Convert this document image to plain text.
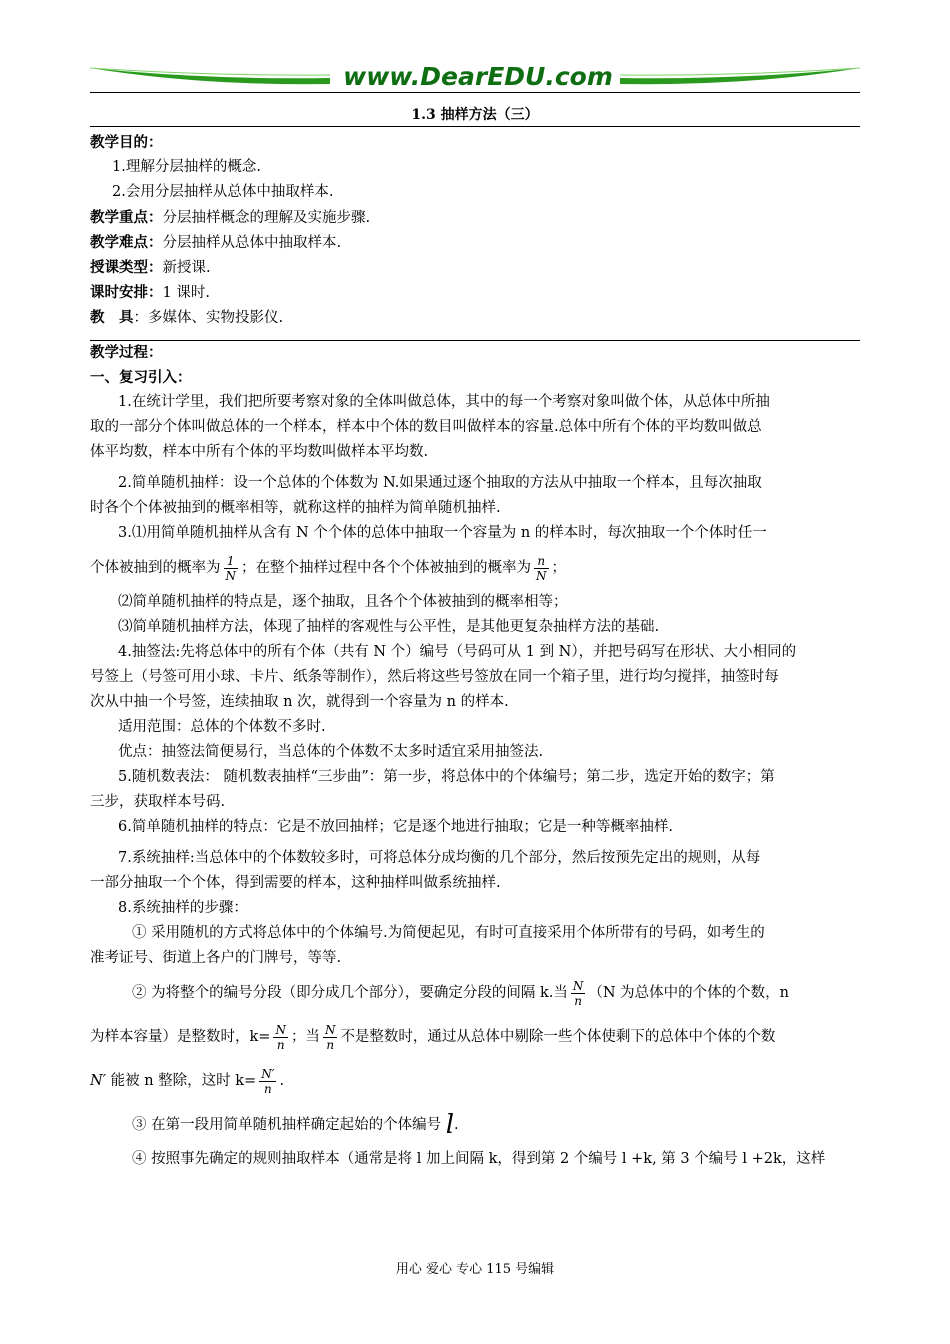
www.DearEDU.com
1.3 抽样方法（三）
教学目的：
1.理解分层抽样的概念.
2.会用分层抽样从总体中抽取样本.
教学重点：分层抽样概念的理解及实施步骤.
教学难点：分层抽样从总体中抽取样本.
授课类型：新授课.
课时安排：1 课时.
教　具：多媒体、实物投影仪.
教学过程：
一、复习引入：
1.在统计学里，我们把所要考察对象的全体叫做总体，其中的每一个考察对象叫做个体，从总体中所抽
取的一部分个体叫做总体的一个样本，样本中个体的数目叫做样本的容量.总体中所有个体的平均数叫做总
体平均数，样本中所有个体的平均数叫做样本平均数.
2.简单随机抽样：设一个总体的个体数为 N.如果通过逐个抽取的方法从中抽取一个样本，且每次抽取
时各个个体被抽到的概率相等，就称这样的抽样为简单随机抽样.
3.⑴用简单随机抽样从含有 N 个个体的总体中抽取一个容量为 n 的样本时，每次抽取一个个体时任一
个体被抽到的概率为 $\frac{1}{N}$ ；在整个抽样过程中各个个体被抽到的概率为 $\frac{n}{N}$ ；
⑵简单随机抽样的特点是，逐个抽取，且各个个体被抽到的概率相等；
⑶简单随机抽样方法，体现了抽样的客观性与公平性，是其他更复杂抽样方法的基础.
4.抽签法:先将总体中的所有个体（共有 N 个）编号（号码可从 1 到 N），并把号码写在形状、大小相同的
号签上（号签可用小球、卡片、纸条等制作），然后将这些号签放在同一个箱子里，进行均匀搅拌，抽签时每
次从中抽一个号签，连续抽取 n 次，就得到一个容量为 n 的样本.
适用范围：总体的个体数不多时.
优点：抽签法简便易行，当总体的个体数不太多时适宜采用抽签法.
5.随机数表法： 随机数表抽样“三步曲”：第一步，将总体中的个体编号；第二步，选定开始的数字；第
三步，获取样本号码.
6.简单随机抽样的特点：它是不放回抽样；它是逐个地进行抽取；它是一种等概率抽样.
7.系统抽样:当总体中的个体数较多时，可将总体分成均衡的几个部分，然后按预先定出的规则，从每
一部分抽取一个个体，得到需要的样本，这种抽样叫做系统抽样.
8.系统抽样的步骤：
① 采用随机的方式将总体中的个体编号.为简便起见，有时可直接采用个体所带有的号码，如考生的
准考证号、街道上各户的门牌号，等等.
② 为将整个的编号分段（即分成几个部分），要确定分段的间隔 k.当 $\frac{N}{n} (N$ 为总体中的个体的个数，n
为样本容量）是整数时，$k= \frac{N}{n}$ ；当 $\frac{N}{n}$ 不是整数时，通过从总体中剔除一些个体使剩下的总体中个体的个数
N′ 能被 n 整除，这时 $k= \frac{N'}{n}$ .
③ 在第一段用简单随机抽样确定起始的个体编号 l.
④ 按照事先确定的规则抽取样本（通常是将 l 加上间隔 k，得到第 2 个编号 l +k, 第 3 个编号 l +2k，这样
用心 爱心 专心 115 号编辑
